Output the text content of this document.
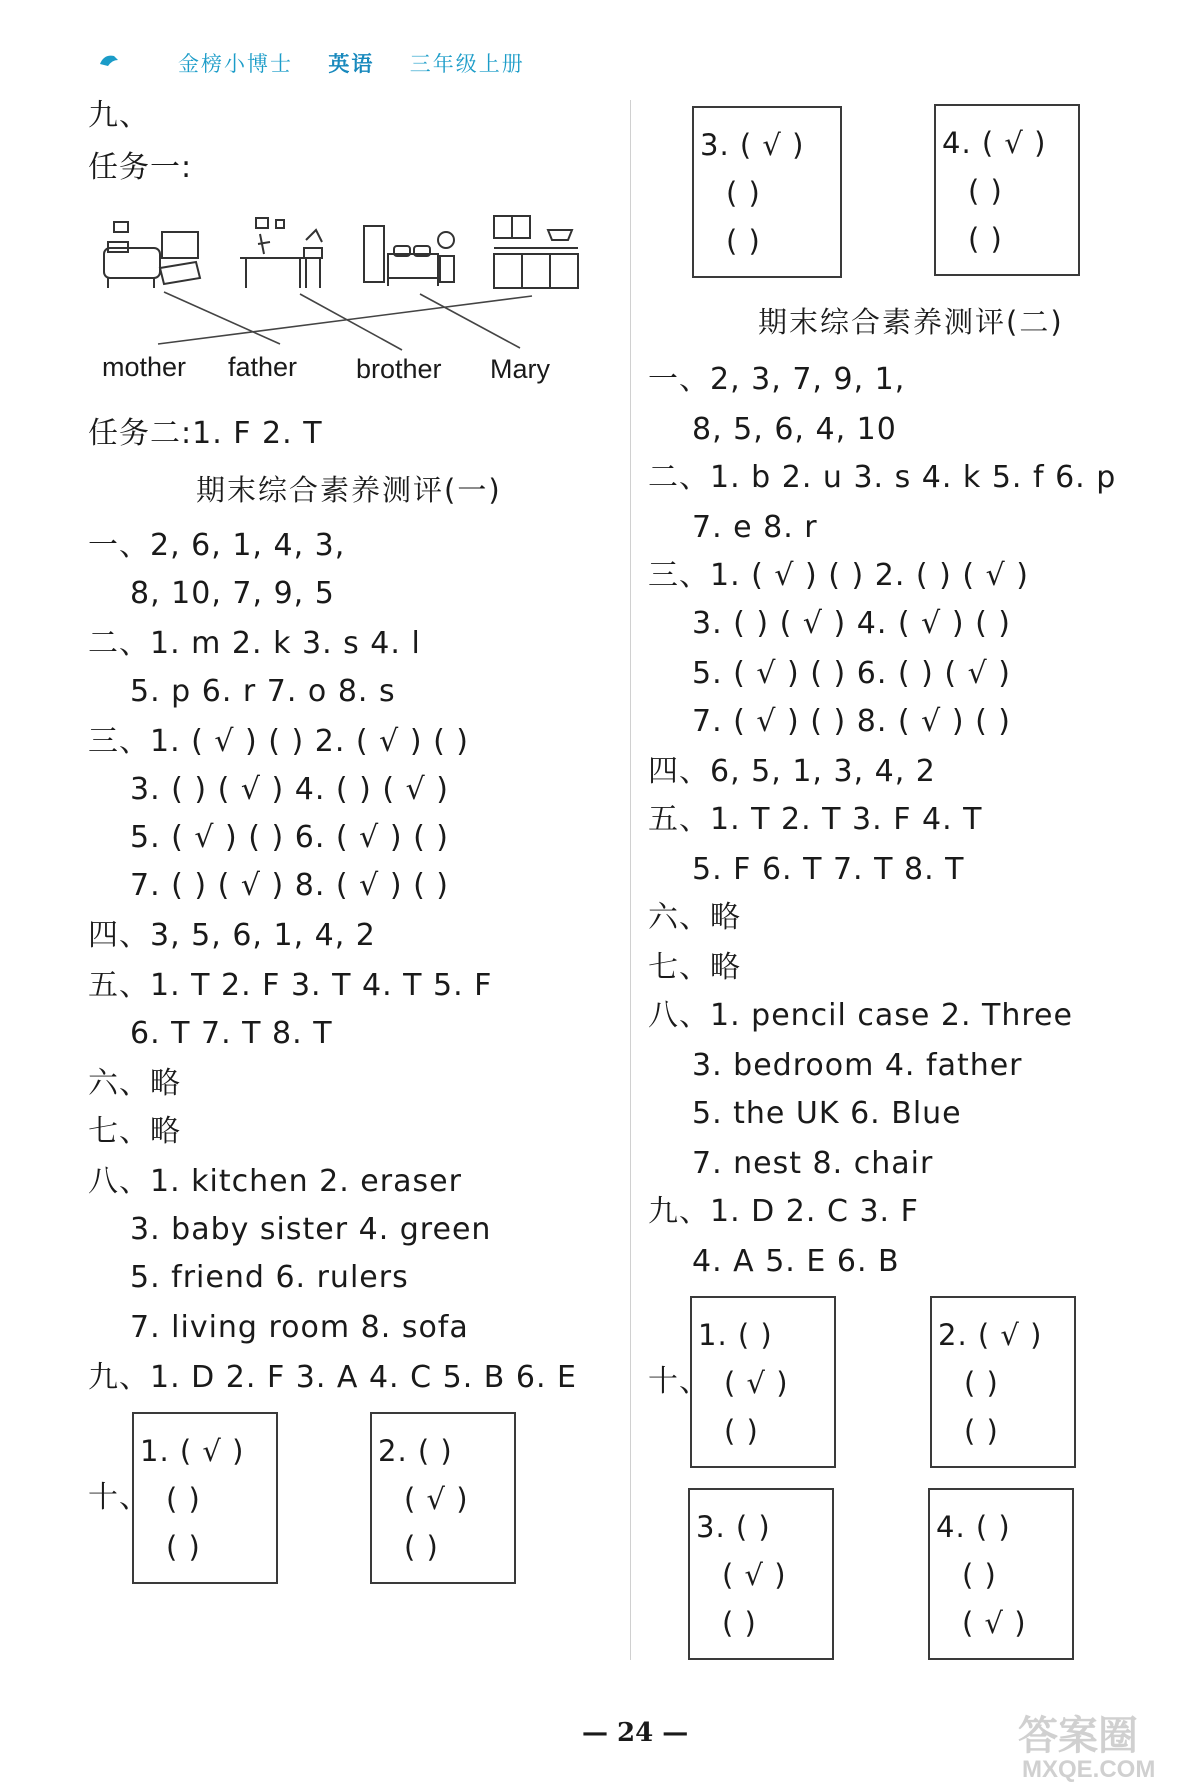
金榜小博士 英语 三年级上册
九、
任务一:
mother father brother Mary
任务二:1. F 2. T
期末综合素养测评(一)
一、2, 6, 1, 4, 3,
8, 10, 7, 9, 5
二、1. m 2. k 3. s 4. l
5. p 6. r 7. o 8. s
三、1. ( √ ) ( ) 2. ( √ ) ( )
3. ( ) ( √ ) 4. ( ) ( √ )
5. ( √ ) ( ) 6. ( √ ) ( )
7. ( ) ( √ ) 8. ( √ ) ( )
四、3, 5, 6, 1, 4, 2
五、1. T 2. F 3. T 4. T 5. F
6. T 7. T 8. T
六、略
七、略
八、1. kitchen 2. eraser
3. baby sister 4. green
5. friend 6. rulers
7. living room 8. sofa
九、1. D 2. F 3. A 4. C 5. B 6. E
十、
1. ( √ )
( )
( )
2. ( )
( √ )
( )
3. ( √ )
( )
( )
4. ( √ )
( )
( )
期末综合素养测评(二)
一、2, 3, 7, 9, 1,
8, 5, 6, 4, 10
二、1. b 2. u 3. s 4. k 5. f 6. p
7. e 8. r
三、1. ( √ ) ( ) 2. ( ) ( √ )
3. ( ) ( √ ) 4. ( √ ) ( )
5. ( √ ) ( ) 6. ( ) ( √ )
7. ( √ ) ( ) 8. ( √ ) ( )
四、6, 5, 1, 3, 4, 2
五、1. T 2. T 3. F 4. T
5. F 6. T 7. T 8. T
六、略
七、略
八、1. pencil case 2. Three
3. bedroom 4. father
5. the UK 6. Blue
7. nest 8. chair
九、1. D 2. C 3. F
4. A 5. E 6. B
十、
1. ( )
( √ )
( )
2. ( √ )
( )
( )
3. ( )
( √ )
( )
4. ( )
( )
( √ )
— 24 —	答案圈
MXQE.COM
